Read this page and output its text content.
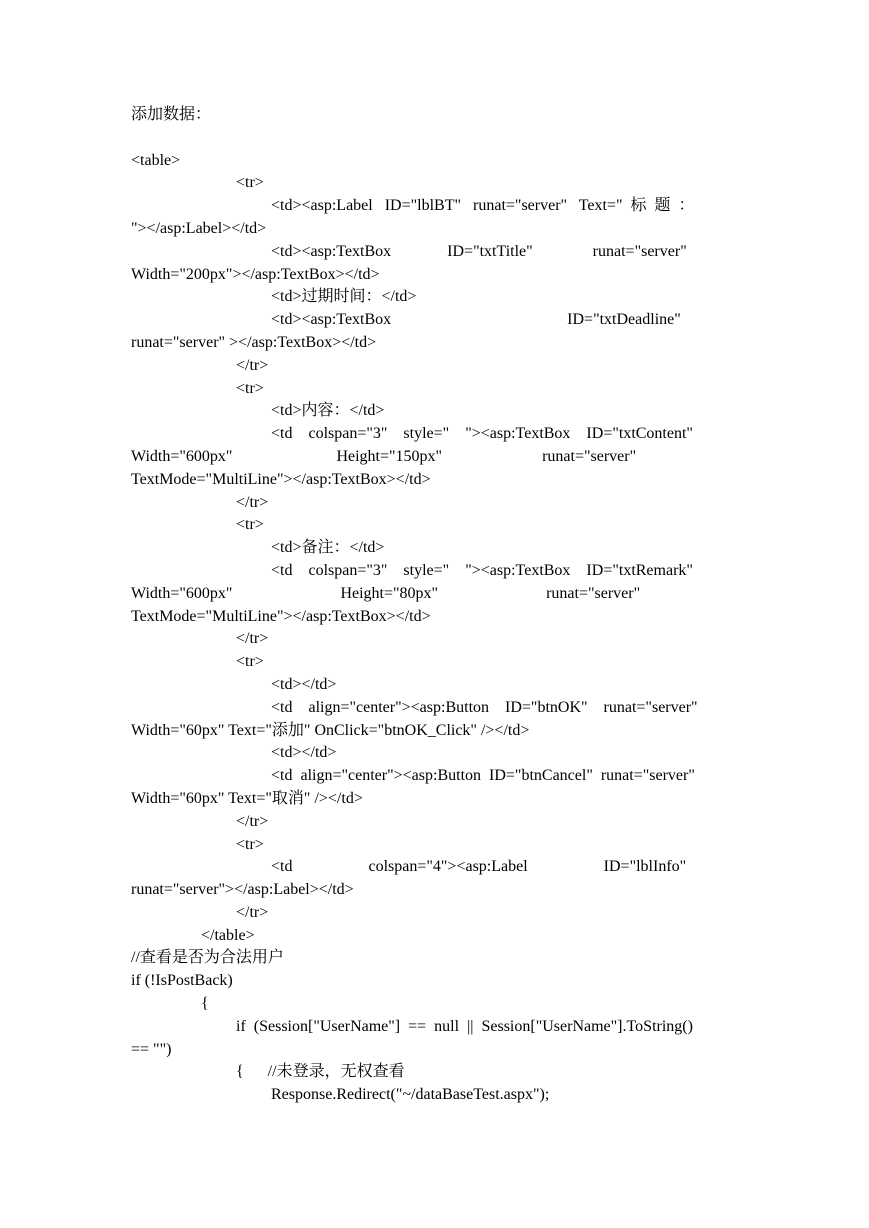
添加数据：
<table>
<tr>
<td><asp:Label   ID="lblBT"   runat="server"   Text="  标  题  ：
"></asp:Label></td>
<td><asp:TextBox              ID="txtTitle"               runat="server"
Width="200px"></asp:TextBox></td>
<td>过期时间：</td>
<td><asp:TextBox                                            ID="txtDeadline"
runat="server" ></asp:TextBox></td>
</tr>
<tr>
<td>内容：</td>
<td    colspan="3"    style="    "><asp:TextBox    ID="txtContent"
Width="600px"                          Height="150px"                         runat="server"
TextMode="MultiLine"></asp:TextBox></td>
</tr>
<tr>
<td>备注：</td>
<td    colspan="3"    style="    "><asp:TextBox    ID="txtRemark"
Width="600px"                           Height="80px"                           runat="server"
TextMode="MultiLine"></asp:TextBox></td>
</tr>
<tr>
<td></td>
<td    align="center"><asp:Button    ID="btnOK"    runat="server"
Width="60px" Text="添加" OnClick="btnOK_Click" /></td>
<td></td>
<td  align="center"><asp:Button  ID="btnCancel"  runat="server"
Width="60px" Text="取消" /></td>
</tr>
<tr>
<td                   colspan="4"><asp:Label                   ID="lblInfo"
runat="server"></asp:Label></td>
</tr>
</table>
//查看是否为合法用户
if (!IsPostBack)
{
if  (Session["UserName"]  ==  null  ||  Session["UserName"].ToString()
== "")
{      //未登录，无权查看
Response.Redirect("~/dataBaseTest.aspx");
